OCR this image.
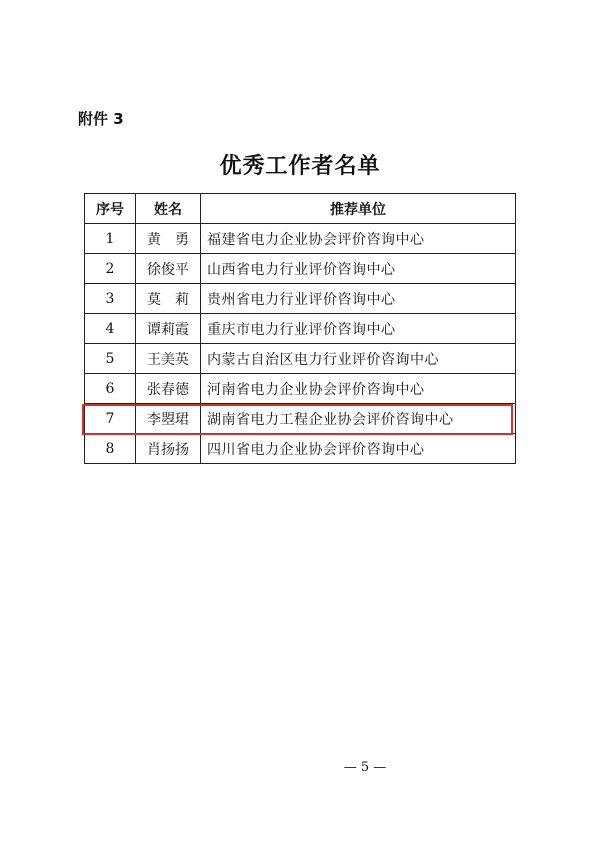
附件 3
优秀工作者名单
序号	姓名	推荐单位
1	黄　勇	福建省电力企业协会评价咨询中心
2	徐俊平	山西省电力行业评价咨询中心
3	莫　莉	贵州省电力行业评价咨询中心
4	谭莉霞	重庆市电力行业评价咨询中心
5	王美英	内蒙古自治区电力行业评价咨询中心
6	张春德	河南省电力企业协会评价咨询中心
7	李曌珺	湖南省电力工程企业协会评价咨询中心
8	肖扬扬	四川省电力企业协会评价咨询中心
— 5 —
